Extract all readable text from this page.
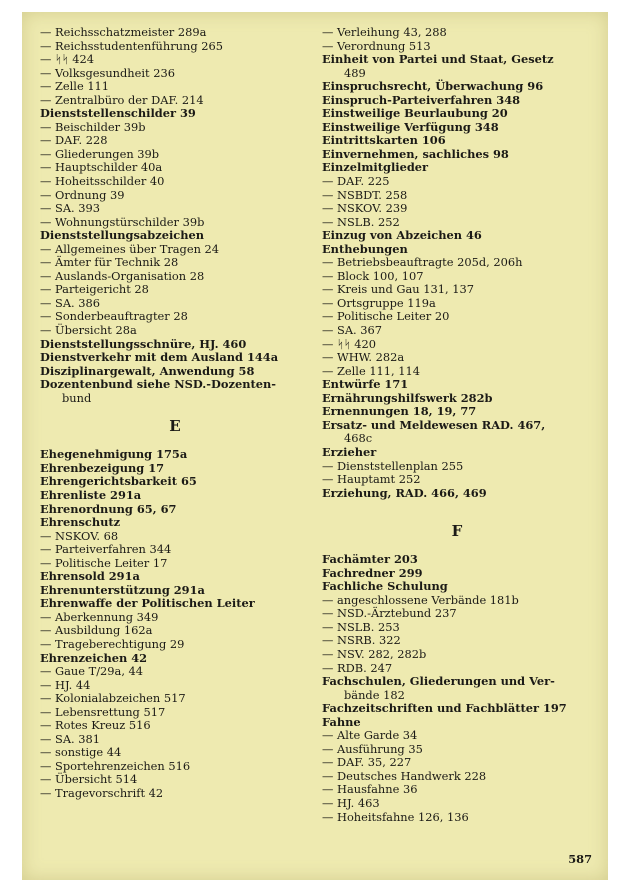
— Reichsschatzmeister 289a
— Reichsstudentenführung 265
— ᛋᛋ 424
— Volksgesundheit 236
— Zelle 111
— Zentralbüro der DAF. 214
Dienststellenschilder 39
— Beischilder 39b
— DAF. 228
— Gliederungen 39b
— Hauptschilder 40a
— Hoheitsschilder 40
— Ordnung 39
— SA. 393
— Wohnungstürschilder 39b
Dienststellungsabzeichen
— Allgemeines über Tragen 24
— Ämter für Technik 28
— Auslands-Organisation 28
— Parteigericht 28
— SA. 386
— Sonderbeauftragter 28
— Übersicht 28a
Dienststellungsschnüre, HJ. 460
Dienstverkehr mit dem Ausland 144a
Disziplinargewalt, Anwendung 58
Dozentenbund siehe NSD.-Dozenten-
bund
E
Ehegenehmigung 175a
Ehrenbezeigung 17
Ehrengerichtsbarkeit 65
Ehrenliste 291a
Ehrenordnung 65, 67
Ehrenschutz
— NSKOV. 68
— Parteiverfahren 344
— Politische Leiter 17
Ehrensold 291a
Ehrenunterstützung 291a
Ehrenwaffe der Politischen Leiter
— Aberkennung 349
— Ausbildung 162a
— Trageberechtigung 29
Ehrenzeichen 42
— Gaue T/29a, 44
— HJ. 44
— Kolonialabzeichen 517
— Lebensrettung 517
— Rotes Kreuz 516
— SA. 381
— sonstige 44
— Sportehrenzeichen 516
— Übersicht 514
— Tragevorschrift 42
— Verleihung 43, 288
— Verordnung 513
Einheit von Partei und Staat, Gesetz
489
Einspruchsrecht, Überwachung 96
Einspruch-Parteiverfahren 348
Einstweilige Beurlaubung 20
Einstweilige Verfügung 348
Eintrittskarten 106
Einvernehmen, sachliches 98
Einzelmitglieder
— DAF. 225
— NSBDT. 258
— NSKOV. 239
— NSLB. 252
Einzug von Abzeichen 46
Enthebungen
— Betriebsbeauftragte 205d, 206h
— Block 100, 107
— Kreis und Gau 131, 137
— Ortsgruppe 119a
— Politische Leiter 20
— SA. 367
— ᛋᛋ 420
— WHW. 282a
— Zelle 111, 114
Entwürfe 171
Ernährungshilfswerk 282b
Ernennungen 18, 19, 77
Ersatz- und Meldewesen RAD. 467,
468c
Erzieher
— Dienststellenplan 255
— Hauptamt 252
Erziehung, RAD. 466, 469
F
Fachämter 203
Fachredner 299
Fachliche Schulung
— angeschlossene Verbände 181b
— NSD.-Ärztebund 237
— NSLB. 253
— NSRB. 322
— NSV. 282, 282b
— RDB. 247
Fachschulen, Gliederungen und Ver-
bände 182
Fachzeitschriften und Fachblätter 197
Fahne
— Alte Garde 34
— Ausführung 35
— DAF. 35, 227
— Deutsches Handwerk 228
— Hausfahne 36
— HJ. 463
— Hoheitsfahne 126, 136
587
